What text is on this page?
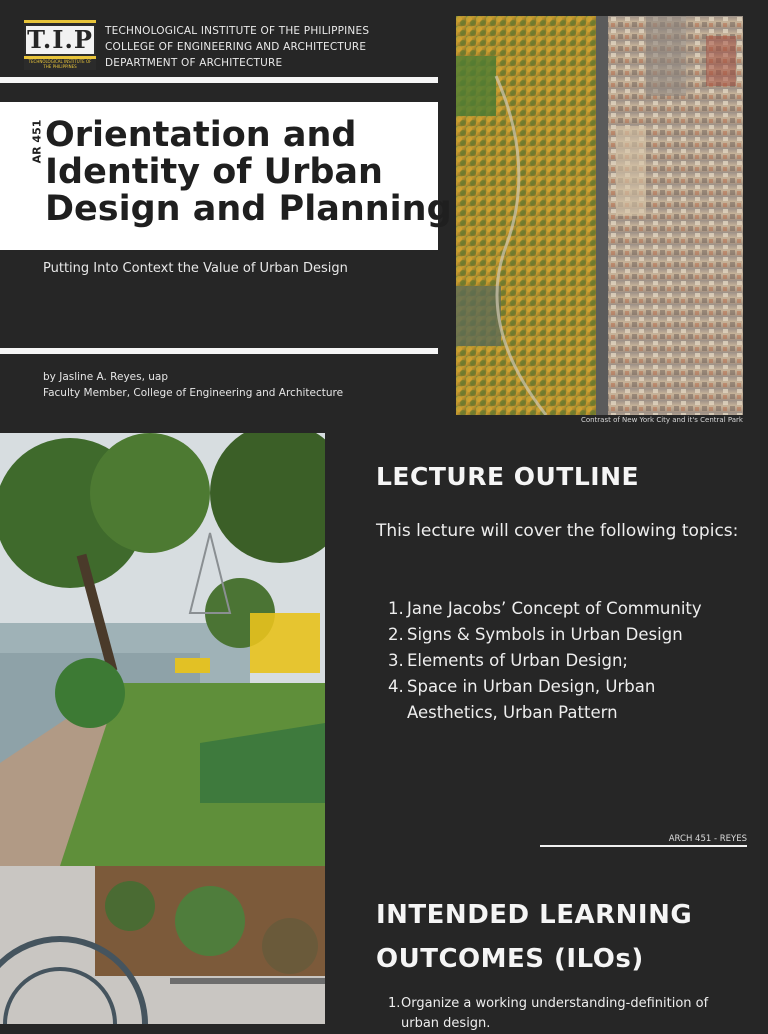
T.I.P
TECHNOLOGICAL INSTITUTE OF THE PHILIPPINES
TECHNOLOGICAL INSTITUTE OF THE PHILIPPINES
COLLEGE OF ENGINEERING AND ARCHITECTURE
DEPARTMENT OF ARCHITECTURE
AR 451 Orientation and
Identity of Urban
Design and Planning
Putting Into Context the Value of Urban Design
by Jasline A. Reyes, uap
Faculty Member, College of Engineering and Architecture
Contrast of New York City and it's Central Park
LECTURE OUTLINE
This lecture will cover the following topics:
1. Jane Jacobs’ Concept of Community
2. Signs & Symbols in Urban Design
3. Elements of Urban Design;
4. Space in Urban Design, Urban Aesthetics, Urban Pattern
ARCH 451 - REYES
INTENDED LEARNING
OUTCOMES (ILOs)
1. Organize a working understanding-definition of urban design.
